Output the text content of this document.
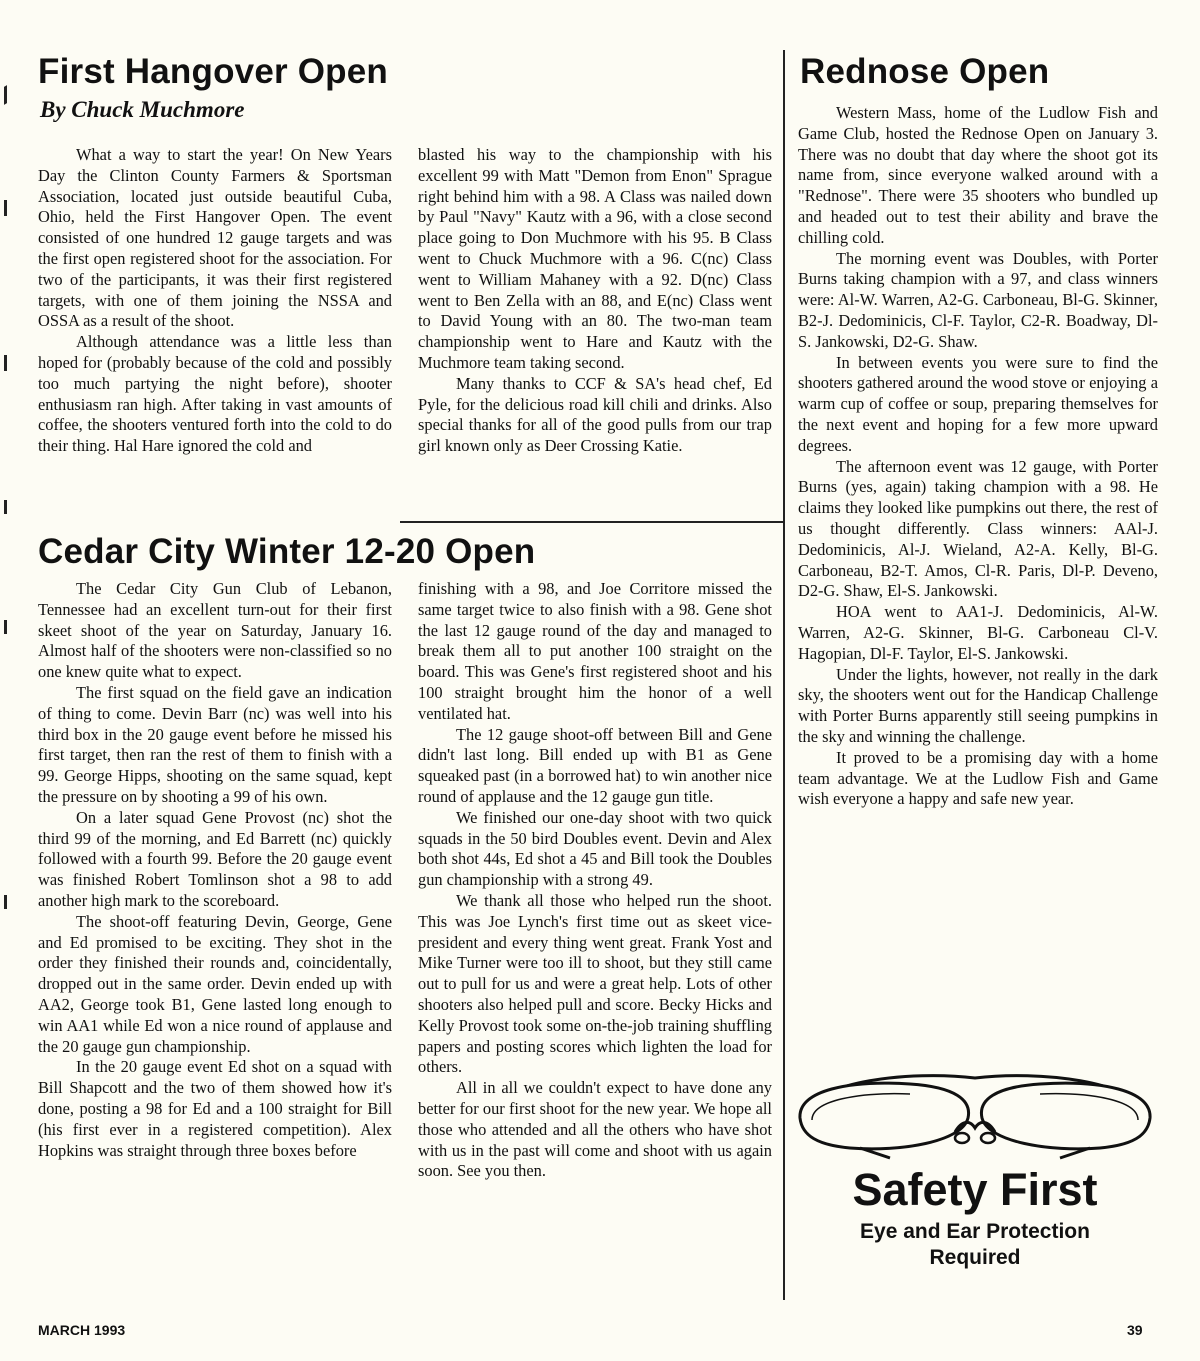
First Hangover Open
By Chuck Muchmore

What a way to start the year! On New Years Day the Clinton County Farmers & Sportsman Association, located just outside beautiful Cuba, Ohio, held the First Hangover Open. The event consisted of one hundred 12 gauge targets and was the first open registered shoot for the association. For two of the participants, it was their first registered targets, with one of them joining the NSSA and OSSA as a result of the shoot.

Although attendance was a little less than hoped for (probably because of the cold and possibly too much partying the night before), shooter enthusiasm ran high. After taking in vast amounts of coffee, the shooters ventured forth into the cold to do their thing. Hal Hare ignored the cold and

blasted his way to the championship with his excellent 99 with Matt "Demon from Enon" Sprague right behind him with a 98. A Class was nailed down by Paul "Navy" Kautz with a 96, with a close second place going to Don Muchmore with his 95. B Class went to Chuck Muchmore with a 96. C(nc) Class went to William Mahaney with a 92. D(nc) Class went to Ben Zella with an 88, and E(nc) Class went to David Young with an 80. The two-man team championship went to Hare and Kautz with the Muchmore team taking second.

Many thanks to CCF & SA's head chef, Ed Pyle, for the delicious road kill chili and drinks. Also special thanks for all of the good pulls from our trap girl known only as Deer Crossing Katie.

Cedar City Winter 12-20 Open

The Cedar City Gun Club of Lebanon, Tennessee had an excellent turn-out for their first skeet shoot of the year on Saturday, January 16. Almost half of the shooters were non-classified so no one knew quite what to expect.

The first squad on the field gave an indication of thing to come. Devin Barr (nc) was well into his third box in the 20 gauge event before he missed his first target, then ran the rest of them to finish with a 99. George Hipps, shooting on the same squad, kept the pressure on by shooting a 99 of his own.

On a later squad Gene Provost (nc) shot the third 99 of the morning, and Ed Barrett (nc) quickly followed with a fourth 99. Before the 20 gauge event was finished Robert Tomlinson shot a 98 to add another high mark to the scoreboard.

The shoot-off featuring Devin, George, Gene and Ed promised to be exciting. They shot in the order they finished their rounds and, coincidentally, dropped out in the same order. Devin ended up with AA2, George took B1, Gene lasted long enough to win AA1 while Ed won a nice round of applause and the 20 gauge gun championship.

In the 20 gauge event Ed shot on a squad with Bill Shapcott and the two of them showed how it's done, posting a 98 for Ed and a 100 straight for Bill (his first ever in a registered competition). Alex Hopkins was straight through three boxes before

finishing with a 98, and Joe Corritore missed the same target twice to also finish with a 98. Gene shot the last 12 gauge round of the day and managed to break them all to put another 100 straight on the board. This was Gene's first registered shoot and his 100 straight brought him the honor of a well ventilated hat.

The 12 gauge shoot-off between Bill and Gene didn't last long. Bill ended up with B1 as Gene squeaked past (in a borrowed hat) to win another nice round of applause and the 12 gauge gun title.

We finished our one-day shoot with two quick squads in the 50 bird Doubles event. Devin and Alex both shot 44s, Ed shot a 45 and Bill took the Doubles gun championship with a strong 49.

We thank all those who helped run the shoot. This was Joe Lynch's first time out as skeet vice-president and every thing went great. Frank Yost and Mike Turner were too ill to shoot, but they still came out to pull for us and were a great help. Lots of other shooters also helped pull and score. Becky Hicks and Kelly Provost took some on-the-job training shuffling papers and posting scores which lighten the load for others.

All in all we couldn't expect to have done any better for our first shoot for the new year. We hope all those who attended and all the others who have shot with us in the past will come and shoot with us again soon. See you then.

Rednose Open

Western Mass, home of the Ludlow Fish and Game Club, hosted the Rednose Open on January 3. There was no doubt that day where the shoot got its name from, since everyone walked around with a "Rednose". There were 35 shooters who bundled up and headed out to test their ability and brave the chilling cold.

The morning event was Doubles, with Porter Burns taking champion with a 97, and class winners were: Al-W. Warren, A2-G. Carboneau, Bl-G. Skinner, B2-J. Dedominicis, Cl-F. Taylor, C2-R. Boadway, Dl-S. Jankowski, D2-G. Shaw.

In between events you were sure to find the shooters gathered around the wood stove or enjoying a warm cup of coffee or soup, preparing themselves for the next event and hoping for a few more upward degrees.

The afternoon event was 12 gauge, with Porter Burns (yes, again) taking champion with a 98. He claims they looked like pumpkins out there, the rest of us thought differently. Class winners: AAl-J. Dedominicis, Al-J. Wieland, A2-A. Kelly, Bl-G. Carboneau, B2-T. Amos, Cl-R. Paris, Dl-P. Deveno, D2-G. Shaw, El-S. Jankowski.

HOA went to AA1-J. Dedominicis, Al-W. Warren, A2-G. Skinner, Bl-G. Carboneau Cl-V. Hagopian, Dl-F. Taylor, El-S. Jankowski.

Under the lights, however, not really in the dark sky, the shooters went out for the Handicap Challenge with Porter Burns apparently still seeing pumpkins in the sky and winning the challenge.

It proved to be a promising day with a home team advantage. We at the Ludlow Fish and Game wish everyone a happy and safe new year.

Safety First
Eye and Ear Protection
Required
MARCH 1993	39
